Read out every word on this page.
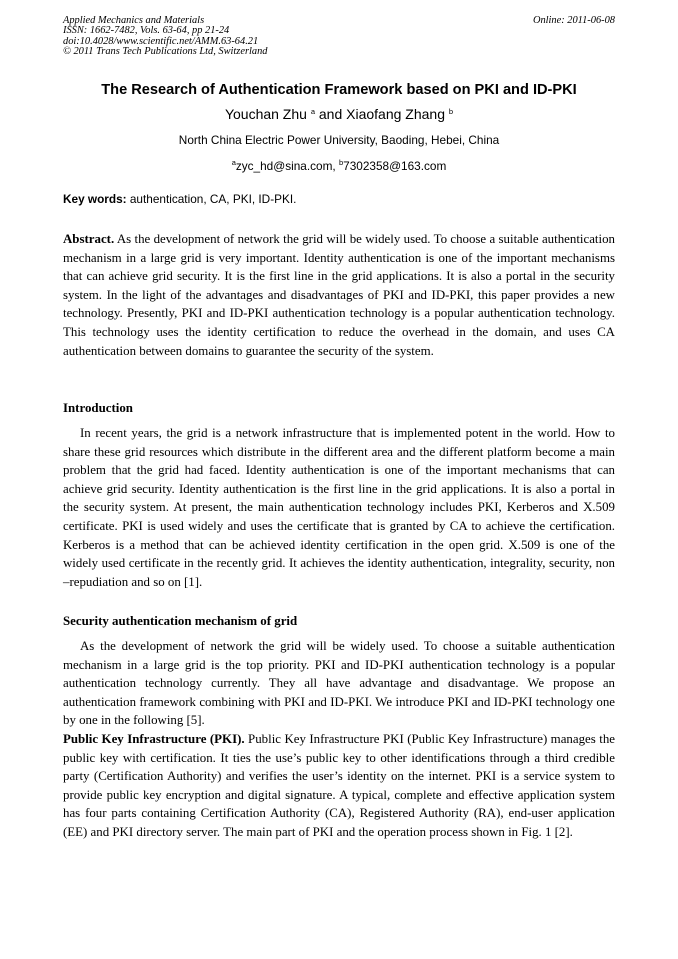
Applied Mechanics and Materials
ISSN: 1662-7482, Vols. 63-64, pp 21-24
doi:10.4028/www.scientific.net/AMM.63-64.21
© 2011 Trans Tech Publications Ltd, Switzerland
Online: 2011-06-08
The Research of Authentication Framework based on PKI and ID-PKI
Youchan Zhu $^a$ and Xiaofang Zhang $^b$
North China Electric Power University, Baoding, Hebei, China
$^a$zyc_hd@sina.com, $^b$7302358@163.com
Key words: authentication, CA, PKI, ID-PKI.

Abstract. As the development of network the grid will be widely used. To choose a suitable authentication mechanism in a large grid is very important. Identity authentication is one of the important mechanisms that can achieve grid security. It is the first line in the grid applications. It is also a portal in the security system. In the light of the advantages and disadvantages of PKI and ID-PKI, this paper provides a new technology. Presently, PKI and ID-PKI authentication technology is a popular authentication technology. This technology uses the identity certification to reduce the overhead in the domain, and uses CA authentication between domains to guarantee the security of the system.

Introduction

In recent years, the grid is a network infrastructure that is implemented potent in the world. How to share these grid resources which distribute in the different area and the different platform become a main problem that the grid had faced. Identity authentication is one of the important mechanisms that can achieve grid security. Identity authentication is the first line in the grid applications. It is also a portal in the security system. At present, the main authentication technology includes PKI, Kerberos and X.509 certificate. PKI is used widely and uses the certificate that is granted by CA to achieve the certification. Kerberos is a method that can be achieved identity certification in the open grid. X.509 is one of the widely used certificate in the recently grid. It achieves the identity authentication, integrality, security, non –repudiation and so on [1].

Security authentication mechanism of grid

As the development of network the grid will be widely used. To choose a suitable authentication mechanism in a large grid is the top priority. PKI and ID-PKI authentication technology is a popular authentication technology currently. They all have advantage and disadvantage. We propose an authentication framework combining with PKI and ID-PKI. We introduce PKI and ID-PKI technology one by one in the following [5].

Public Key Infrastructure (PKI). Public Key Infrastructure PKI (Public Key Infrastructure) manages the public key with certification. It ties the use’s public key to other identifications through a third credible party (Certification Authority) and verifies the user’s identity on the internet. PKI is a service system to provide public key encryption and digital signature. A typical, complete and effective application system has four parts containing Certification Authority (CA), Registered Authority (RA), end-user application (EE) and PKI directory server. The main part of PKI and the operation process shown in Fig. 1 [2].
